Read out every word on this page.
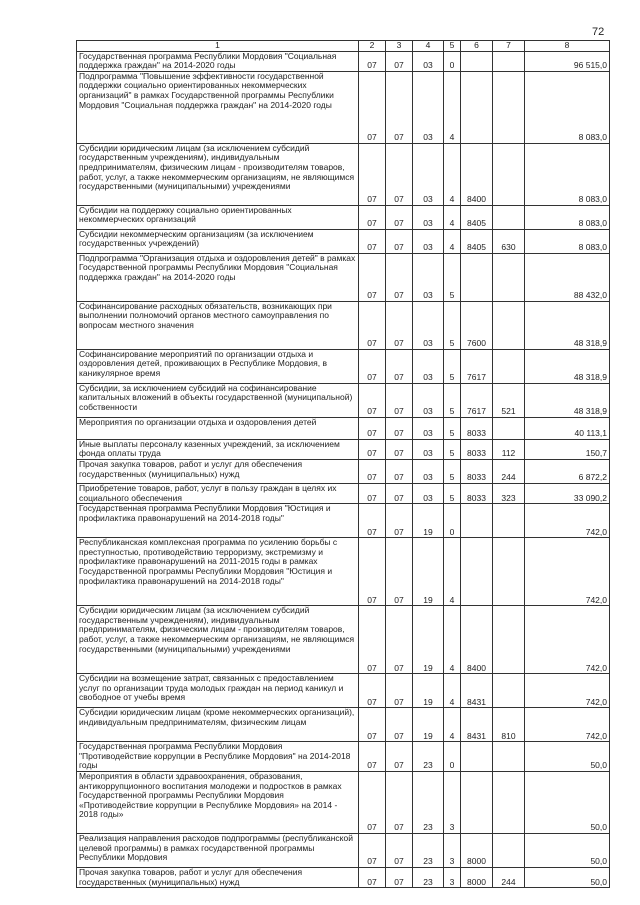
72
1	2	3	4	5	6	7	8
Государственная программа Республики Мордовия "Социальная поддержка граждан" на 2014-2020 годы	07	07	03	0			96 515,0
Подпрограмма "Повышение эффективности государственной поддержки социально ориентированных некоммерческих организаций" в рамках Государственной программы Республики Мордовия "Социальная поддержка граждан" на 2014-2020 годы	07	07	03	4			8 083,0
Субсидии юридическим лицам (за исключением субсидий государственным учреждениям), индивидуальным предпринимателям, физическим лицам - производителям товаров, работ, услуг, а также некоммерческим организациям, не являющимся государственными (муниципальными) учреждениями	07	07	03	4	8400		8 083,0
Субсидии на поддержку социально ориентированных некоммерческих организаций	07	07	03	4	8405		8 083,0
Субсидии некоммерческим организациям (за исключением государственных учреждений)	07	07	03	4	8405	630	8 083,0
Подпрограмма "Организация отдыха и оздоровления детей" в рамках Государственной программы Республики Мордовия "Социальная поддержка граждан" на 2014-2020 годы	07	07	03	5			88 432,0
Софинансирование расходных обязательств, возникающих при выполнении полномочий органов местного самоуправления по вопросам местного значения	07	07	03	5	7600		48 318,9
Софинансирование мероприятий по организации отдыха и оздоровления детей, проживающих в Республике Мордовия, в каникулярное время	07	07	03	5	7617		48 318,9
Субсидии, за исключением субсидий на софинансирование капитальных вложений в объекты государственной (муниципальной) собственности	07	07	03	5	7617	521	48 318,9
Мероприятия по организации отдыха и оздоровления детей	07	07	03	5	8033		40 113,1
Иные выплаты персоналу казенных учреждений, за исключением фонда оплаты труда	07	07	03	5	8033	112	150,7
Прочая закупка товаров, работ и услуг для обеспечения государственных (муниципальных) нужд	07	07	03	5	8033	244	6 872,2
Приобретение товаров, работ, услуг в пользу граждан в целях их социального обеспечения	07	07	03	5	8033	323	33 090,2
Государственная программа Республики Мордовия "Юстиция и профилактика правонарушений на 2014-2018 годы"	07	07	19	0			742,0
Республиканская комплексная программа по усилению борьбы с преступностью, противодействию терроризму, экстремизму и профилактике правонарушений на 2011-2015 годы в рамках Государственной программы Республики Мордовия "Юстиция и профилактика правонарушений на 2014-2018 годы"	07	07	19	4			742,0
Субсидии юридическим лицам (за исключением субсидий государственным учреждениям), индивидуальным предпринимателям, физическим лицам - производителям товаров, работ, услуг, а также некоммерческим организациям, не являющимся государственными (муниципальными) учреждениями	07	07	19	4	8400		742,0
Субсидии на возмещение затрат, связанных с предоставлением услуг по организации труда молодых граждан на период каникул и свободное от учебы время	07	07	19	4	8431		742,0
Субсидии юридическим лицам (кроме некоммерческих организаций), индивидуальным предпринимателям, физическим лицам	07	07	19	4	8431	810	742,0
Государственная программа Республики Мордовия "Противодействие коррупции в Республике Мордовия" на 2014-2018 годы	07	07	23	0			50,0
Мероприятия в области здравоохранения, образования, антикоррупционного воспитания молодежи и подростков в рамках Государственной программы Республики Мордовия «Противодействие коррупции в Республике Мордовия» на 2014 - 2018 годы»	07	07	23	3			50,0
Реализация направления расходов подпрограммы (республиканской целевой программы) в рамках государственной программы Республики Мордовия	07	07	23	3	8000		50,0
Прочая закупка товаров, работ и услуг для обеспечения государственных (муниципальных) нужд	07	07	23	3	8000	244	50,0
